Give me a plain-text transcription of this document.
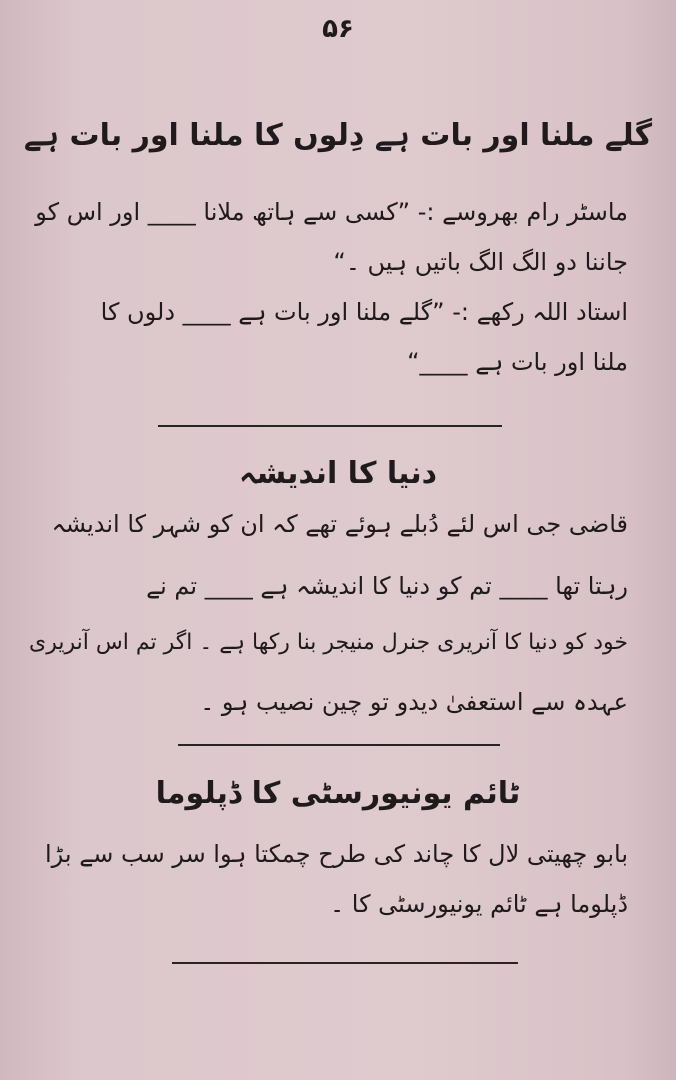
۵۶
گلے ملنا اور بات ہے دِلوں کا ملنا اور بات ہے
ماسٹر رام بھروسے :- ”کسی سے ہاتھ ملانا ____ اور اس کو
جاننا دو الگ الگ باتیں ہیں ۔“
استاد اللہ رکھے :- ”گلے ملنا اور بات ہے ____ دلوں کا
ملنا اور بات ہے ____“
دنیا کا اندیشہ
قاضی جی اس لئے دُبلے ہوئے تھے کہ ان کو شہر کا اندیشہ
رہتا تھا ____ تم کو دنیا کا اندیشہ ہے ____ تم نے
خود کو دنیا کا آنریری جنرل منیجر بنا رکھا ہے ۔ اگر تم اس آنریری
عہدہ سے استعفیٰ دیدو تو چین نصیب ہو ۔
ٹائم یونیورسٹی کا ڈپلوما
بابو چھیتی لال کا چاند کی طرح چمکتا ہوا سر سب سے بڑا
ڈپلوما ہے ٹائم یونیورسٹی کا ۔
